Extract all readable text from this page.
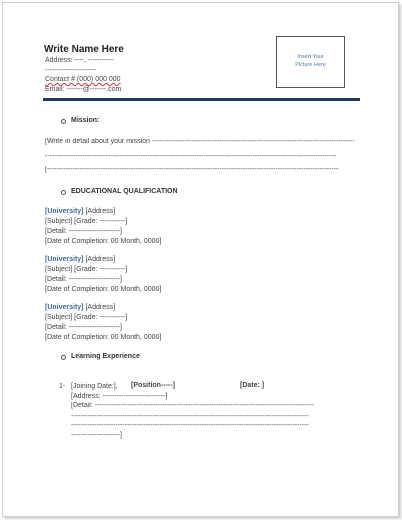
Write Name Here
Address: ----, -----------
----------------------
Contact # (000) 000 000
Email: -------@-------.com
Insert Your
Picture Here
Mission:
[Write in detail about your mission ---------------------------------------------------------------------------------------
-----------------------------------------------------------------------------------------------------------------------------
-----------------------------------------------------------------------------------------------------------------------------]
EDUCATIONAL QUALIFICATION
[University] [Address]
[Subject] [Grade: -----------]
[Detail: ----------------------]
[Date of Completion: 00 Month, 0000]
[University] [Address]
[Subject] [Grade: -----------]
[Detail: ----------------------]
[Date of Completion: 00 Month, 0000]
[University] [Address]
[Subject] [Grade: -----------]
[Detail: ----------------------]
[Date of Completion: 00 Month, 0000]
Learning Experience
1- [Joining Date:], [Position-----]	[Date: ]
[Address: ---------------------------]
[Detail: ----------------------------------------------------------------------------------------------
------------------------------------------------------------------------------------------------------
------------------------------------------------------------------------------------------------------
---------------------]
